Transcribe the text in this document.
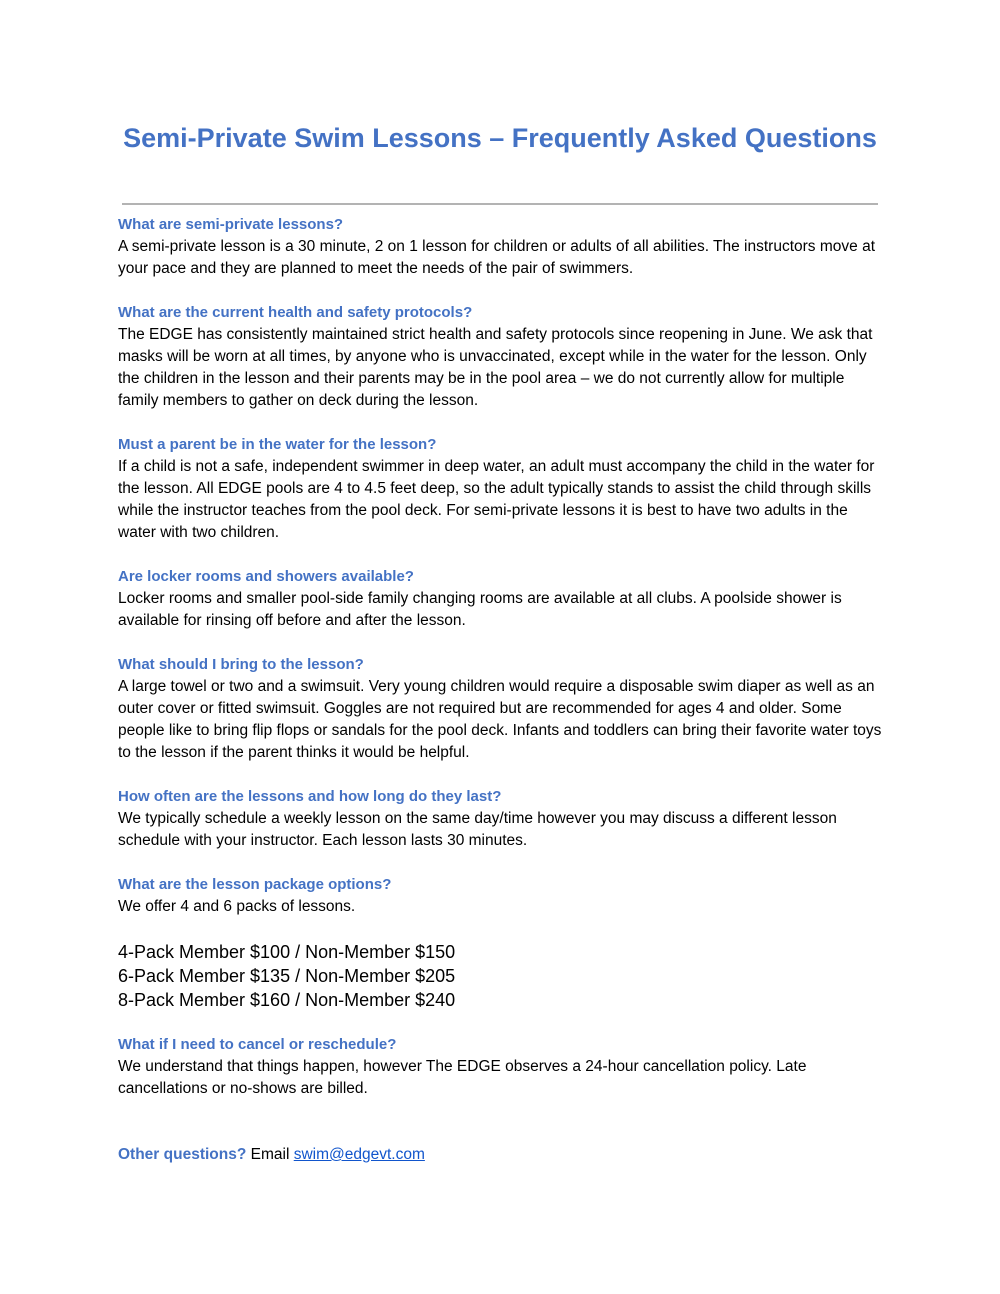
Semi-Private Swim Lessons – Frequently Asked Questions

What are semi-private lessons?

A semi-private lesson is a 30 minute, 2 on 1 lesson for children or adults of all abilities. The instructors move at your pace and they are planned to meet the needs of the pair of swimmers.

What are the current health and safety protocols?

The EDGE has consistently maintained strict health and safety protocols since reopening in June. We ask that masks will be worn at all times, by anyone who is unvaccinated, except while in the water for the lesson. Only the children in the lesson and their parents may be in the pool area – we do not currently allow for multiple family members to gather on deck during the lesson.

Must a parent be in the water for the lesson?

If a child is not a safe, independent swimmer in deep water, an adult must accompany the child in the water for the lesson. All EDGE pools are 4 to 4.5 feet deep, so the adult typically stands to assist the child through skills while the instructor teaches from the pool deck. For semi-private lessons it is best to have two adults in the water with two children.

Are locker rooms and showers available?

Locker rooms and smaller pool-side family changing rooms are available at all clubs. A poolside shower is available for rinsing off before and after the lesson.

What should I bring to the lesson?

A large towel or two and a swimsuit. Very young children would require a disposable swim diaper as well as an outer cover or fitted swimsuit. Goggles are not required but are recommended for ages 4 and older. Some people like to bring flip flops or sandals for the pool deck. Infants and toddlers can bring their favorite water toys to the lesson if the parent thinks it would be helpful.

How often are the lessons and how long do they last?

We typically schedule a weekly lesson on the same day/time however you may discuss a different lesson schedule with your instructor. Each lesson lasts 30 minutes.

What are the lesson package options?

We offer 4 and 6 packs of lessons.

4-Pack Member $100 / Non-Member $150

6-Pack Member $135 / Non-Member $205

8-Pack Member $160 / Non-Member $240

What if I need to cancel or reschedule?

We understand that things happen, however The EDGE observes a 24-hour cancellation policy. Late cancellations or no-shows are billed.

Other questions? Email swim@edgevt.com
